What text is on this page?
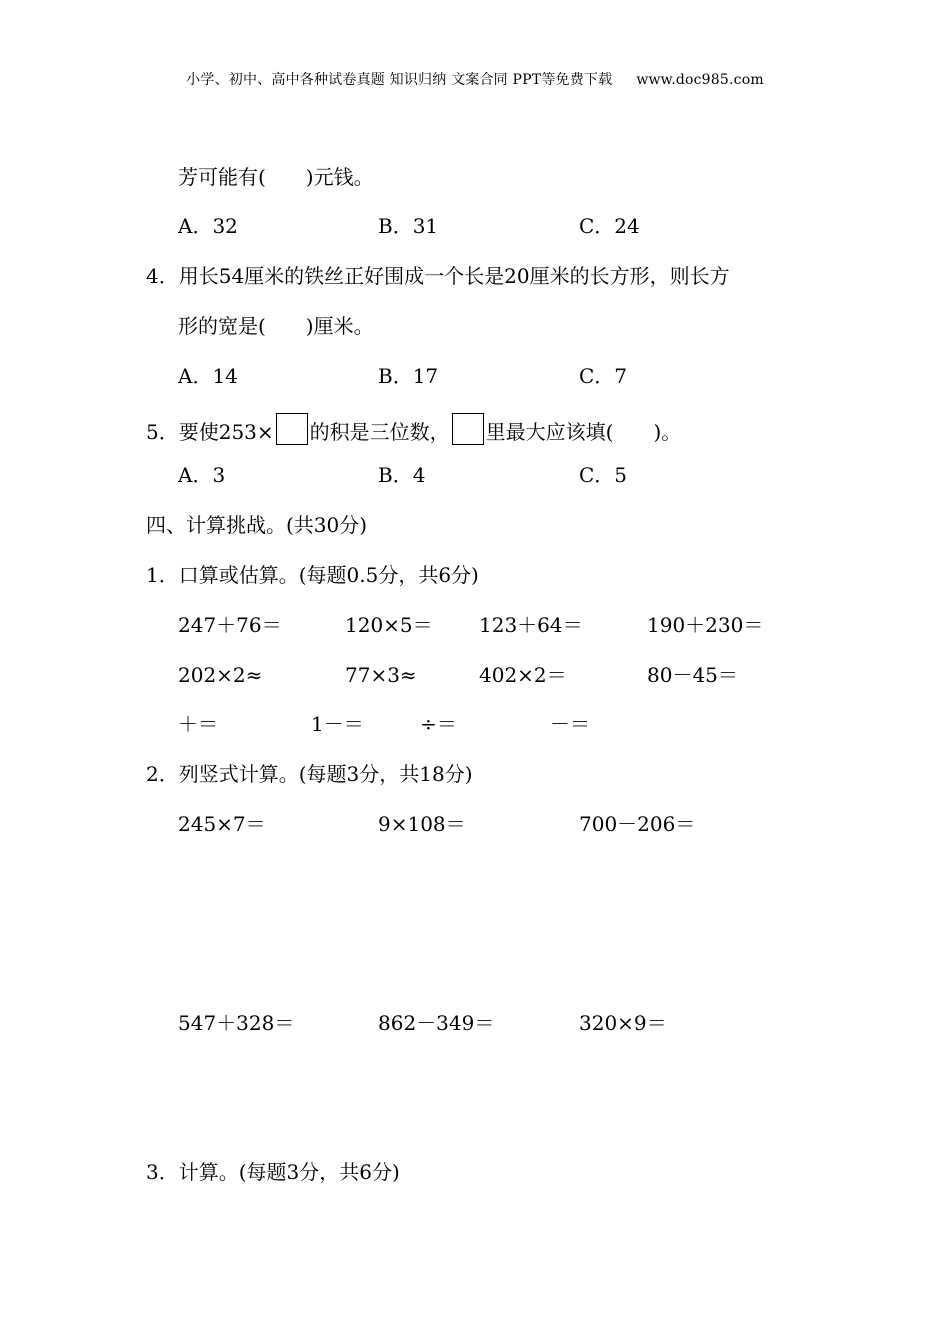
小学、初中、高中各种试卷真题 知识归纳 文案合同 PPT等免费下载 www.doc985.com
芳可能有(　　)元钱。
A．32	B．31	C．24
4．用长54厘米的铁丝正好围成一个长是20厘米的长方形，则长方
形的宽是(　　)厘米。
A．14	B．17	C．7
5．要使253× 的积是三位数， 里最大应该填(　　)。
A．3	B．4	C．5
四、计算挑战。(共30分)
1．口算或估算。(每题0.5分，共6分)
247＋76＝	120×5＝ 123＋64＝	190＋230＝
202×2≈	77×3≈	402×2＝	80－45＝
＋＝	1－＝	÷＝	－＝
2．列竖式计算。(每题3分，共18分)
245×7＝	9×108＝	700－206＝
547＋328＝	862－349＝	320×9＝
3．计算。(每题3分，共6分)
